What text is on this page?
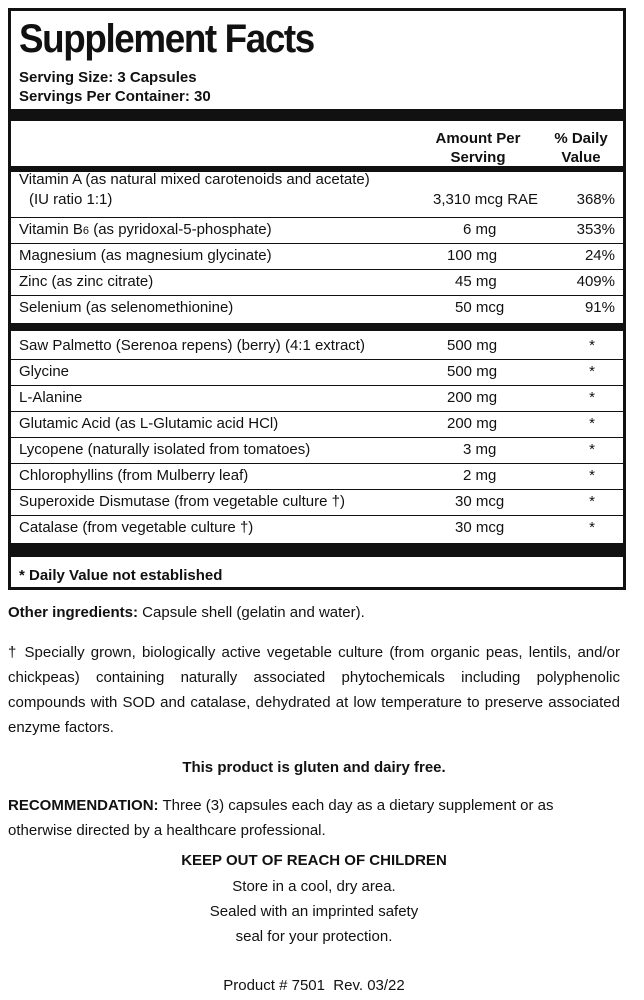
Supplement Facts
Serving Size: 3 Capsules
Servings Per Container: 30
Amount Per
Serving
% Daily
Value
Vitamin A (as natural mixed carotenoids and acetate)
(IU ratio 1:1)	3,310 mcg RAE	368%
Vitamin B6 (as pyridoxal-5-phosphate)	6 mg	353%
Magnesium (as magnesium glycinate)	100 mg	24%
Zinc (as zinc citrate)	45 mg	409%
Selenium (as selenomethionine)	50 mcg	91%
Saw Palmetto (Serenoa repens) (berry) (4:1 extract)	500 mg	*
Glycine	500 mg	*
L-Alanine	200 mg	*
Glutamic Acid (as L-Glutamic acid HCl)	200 mg	*
Lycopene (naturally isolated from tomatoes)	3 mg	*
Chlorophyllins (from Mulberry leaf)	2 mg	*
Superoxide Dismutase (from vegetable culture †)	30 mcg	*
Catalase (from vegetable culture †)	30 mcg	*
* Daily Value not established

Other ingredients: Capsule shell (gelatin and water).

† Specially grown, biologically active vegetable culture (from organic peas, lentils, and/or chickpeas) containing naturally associated phytochemicals including polyphenolic compounds with SOD and catalase, dehydrated at low temperature to preserve associated enzyme factors.

This product is gluten and dairy free.

RECOMMENDATION: Three (3) capsules each day as a dietary supplement or as otherwise directed by a healthcare professional.

KEEP OUT OF REACH OF CHILDREN

Store in a cool, dry area.

Sealed with an imprinted safety

seal for your protection.

Product # 7501  Rev. 03/22
